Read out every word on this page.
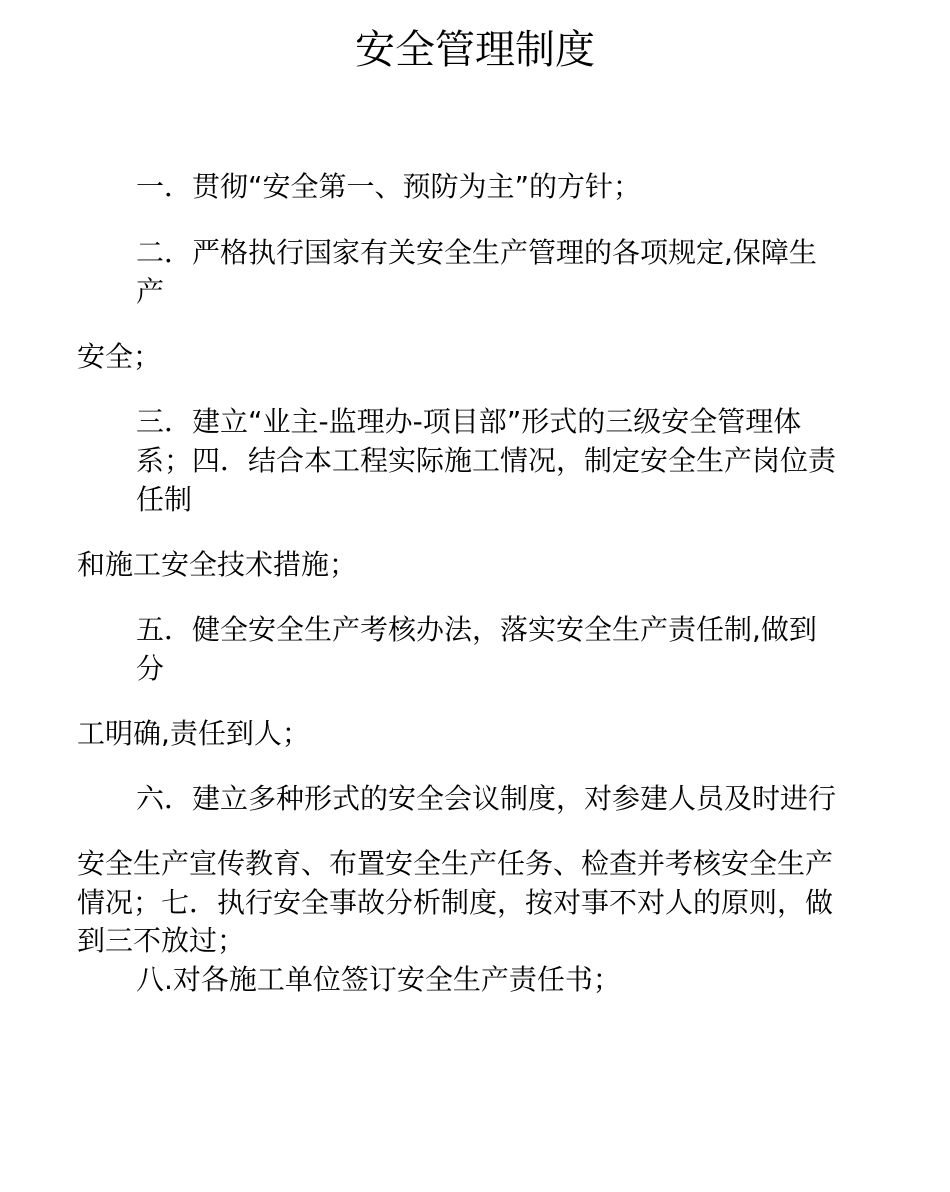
安全管理制度

一．贯彻“安全第一、预防为主”的方针；

二．严格执行国家有关安全生产管理的各项规定,保障生

产

安全；

三．建立“业主-监理办-项目部”形式的三级安全管理体

系；四．结合本工程实际施工情况，制定安全生产岗位责

任制

和施工安全技术措施；

五．健全安全生产考核办法，落实安全生产责任制,做到

分

工明确,责任到人；

六．建立多种形式的安全会议制度，对参建人员及时进行

安全生产宣传教育、布置安全生产任务、检查并考核安全生产

情况；七．执行安全事故分析制度，按对事不对人的原则，做

到三不放过；

八.对各施工单位签订安全生产责任书；
